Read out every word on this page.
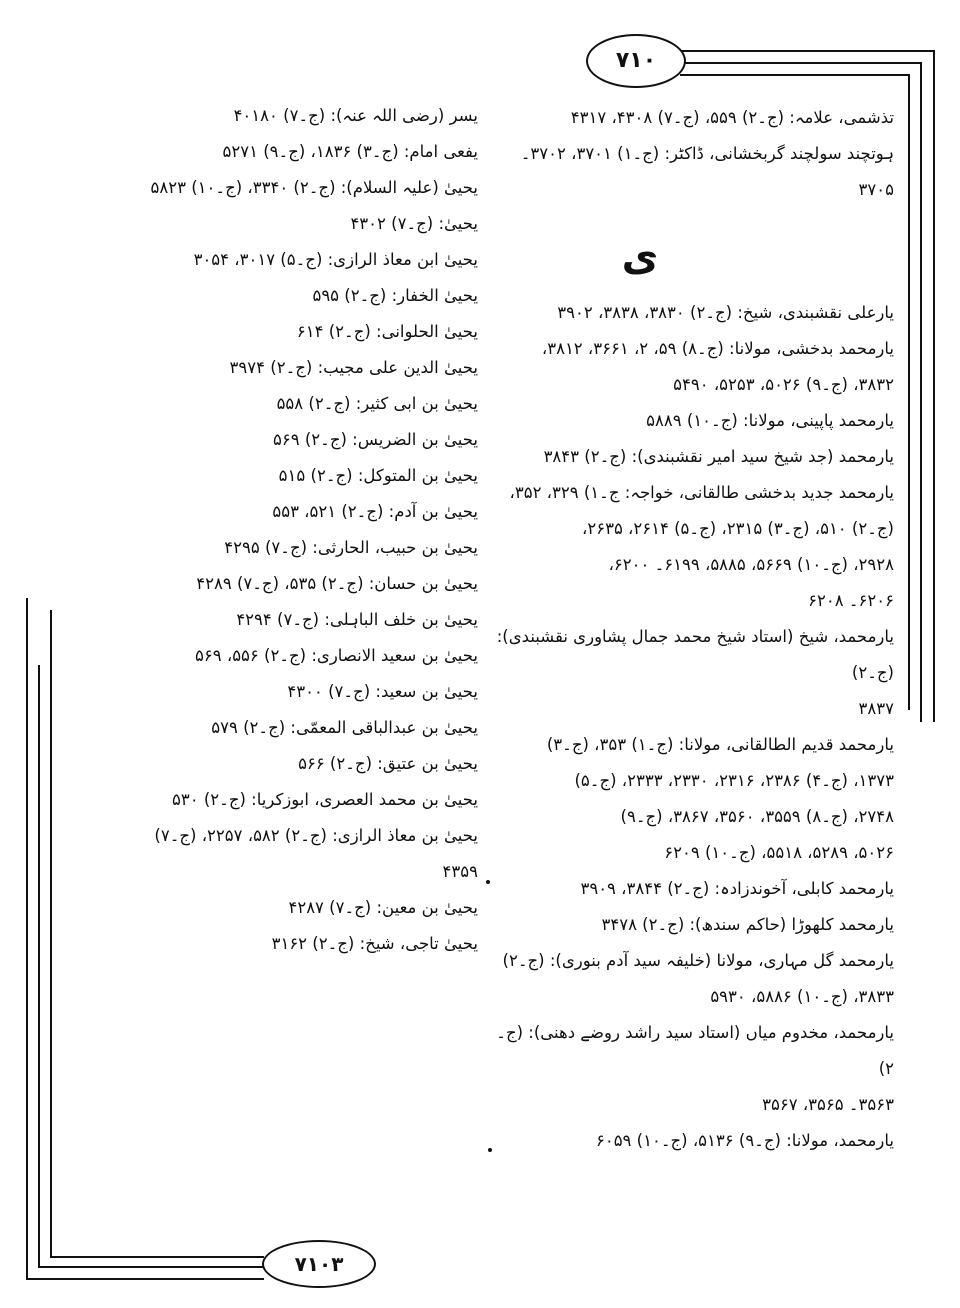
۷۱۰
۷۱۰۳

تذشمی، علامہ: (ج۔۲) ۵۵۹، (ج۔۷) ۴۳۰۸، ۴۳۱۷

ہوتچند سولچند گربخشانی، ڈاکٹر: (ج۔۱) ۳۷۰۱، ۳۷۰۲۔

۳۷۰۵

ی

یارعلی نقشبندی، شیخ: (ج۔۲) ۳۸۳۰، ۳۸۳۸، ۳۹۰۲

یارمحمد بدخشی، مولانا: (ج۔۸) ۵۹، ۲، ۳۶۶۱، ۳۸۱۲،

۳۸۳۲، (ج۔۹) ۵۰۲۶، ۵۲۵۳، ۵۴۹۰

یارمحمد پاپینی، مولانا: (ج۔۱۰) ۵۸۸۹

یارمحمد (جد شیخ سید امیر نقشبندی): (ج۔۲) ۳۸۴۳

یارمحمد جدید بدخشی طالقانی، خواجہ: ج۔۱) ۳۲۹، ۳۵۲،

(ج۔۲) ۵۱۰، (ج۔۳) ۲۳۱۵، (ج۔۵) ۲۶۱۴، ۲۶۳۵،

۲۹۲۸، (ج۔۱۰) ۵۶۶۹، ۵۸۸۵، ۶۱۹۹۔ ۶۲۰۰،

۶۲۰۶۔ ۶۲۰۸

یارمحمد، شیخ (استاد شیخ محمد جمال پشاوری نقشبندی): (ج۔۲)

۳۸۳۷

یارمحمد قدیم الطالقانی، مولانا: (ج۔۱) ۳۵۳، (ج۔۳)

۱۳۷۳، (ج۔۴) ۲۳۸۶، ۲۳۱۶، ۲۳۳۰، ۲۳۳۳، (ج۔۵)

۲۷۴۸، (ج۔۸) ۳۵۵۹، ۳۵۶۰، ۳۸۶۷، (ج۔۹)

۵۰۲۶، ۵۲۸۹، ۵۵۱۸، (ج۔۱۰) ۶۲۰۹

یارمحمد کابلی، آخوندزادہ: (ج۔۲) ۳۸۴۴، ۳۹۰۹

یارمحمد کلھوڑا (حاکم سندھ): (ج۔۲) ۳۴۷۸

یارمحمد گل مہاری، مولانا (خلیفہ سید آدم بنوری): (ج۔۲)

۳۸۳۳، (ج۔۱۰) ۵۸۸۶، ۵۹۳۰

یارمحمد، مخدوم میاں (استاد سید راشد روضے دھنی): (ج۔۲)

۳۵۶۳۔ ۳۵۶۵، ۳۵۶۷

یارمحمد، مولانا: (ج۔۹) ۵۱۳۶، (ج۔۱۰) ۶۰۵۹

یسر (رضی اللہ عنہ): (ج۔۷) ۴۰۱۸۰

یفعی امام: (ج۔۳) ۱۸۳۶، (ج۔۹) ۵۲۷۱

یحییٰ (علیہ السلام): (ج۔۲) ۳۳۴۰، (ج۔۱۰) ۵۸۲۳

یحییٰ: (ج۔۷) ۴۳۰۲

یحییٰ ابن معاذ الرازی: (ج۔۵) ۳۰۱۷، ۳۰۵۴

یحییٰ الخفار: (ج۔۲) ۵۹۵

یحییٰ الحلوانی: (ج۔۲) ۶۱۴

یحییٰ الدین علی مجیب: (ج۔۲) ۳۹۷۴

یحییٰ بن ابی کثیر: (ج۔۲) ۵۵۸

یحییٰ بن الضریس: (ج۔۲) ۵۶۹

یحییٰ بن المتوکل: (ج۔۲) ۵۱۵

یحییٰ بن آدم: (ج۔۲) ۵۲۱، ۵۵۳

یحییٰ بن حبیب، الحارثی: (ج۔۷) ۴۲۹۵

یحییٰ بن حسان: (ج۔۲) ۵۳۵، (ج۔۷) ۴۲۸۹

یحییٰ بن خلف الباہلی: (ج۔۷) ۴۲۹۴

یحییٰ بن سعید الانصاری: (ج۔۲) ۵۵۶، ۵۶۹

یحییٰ بن سعید: (ج۔۷) ۴۳۰۰

یحییٰ بن عبدالباقی المعمّی: (ج۔۲) ۵۷۹

یحییٰ بن عتیق: (ج۔۲) ۵۶۶

یحییٰ بن محمد العصری، ابوزکریا: (ج۔۲) ۵۳۰

یحییٰ بن معاذ الرازی: (ج۔۲) ۵۸۲، ۲۲۵۷، (ج۔۷)

۴۳۵۹

یحییٰ بن معین: (ج۔۷) ۴۲۸۷

یحییٰ تاجی، شیخ: (ج۔۲) ۳۱۶۲
